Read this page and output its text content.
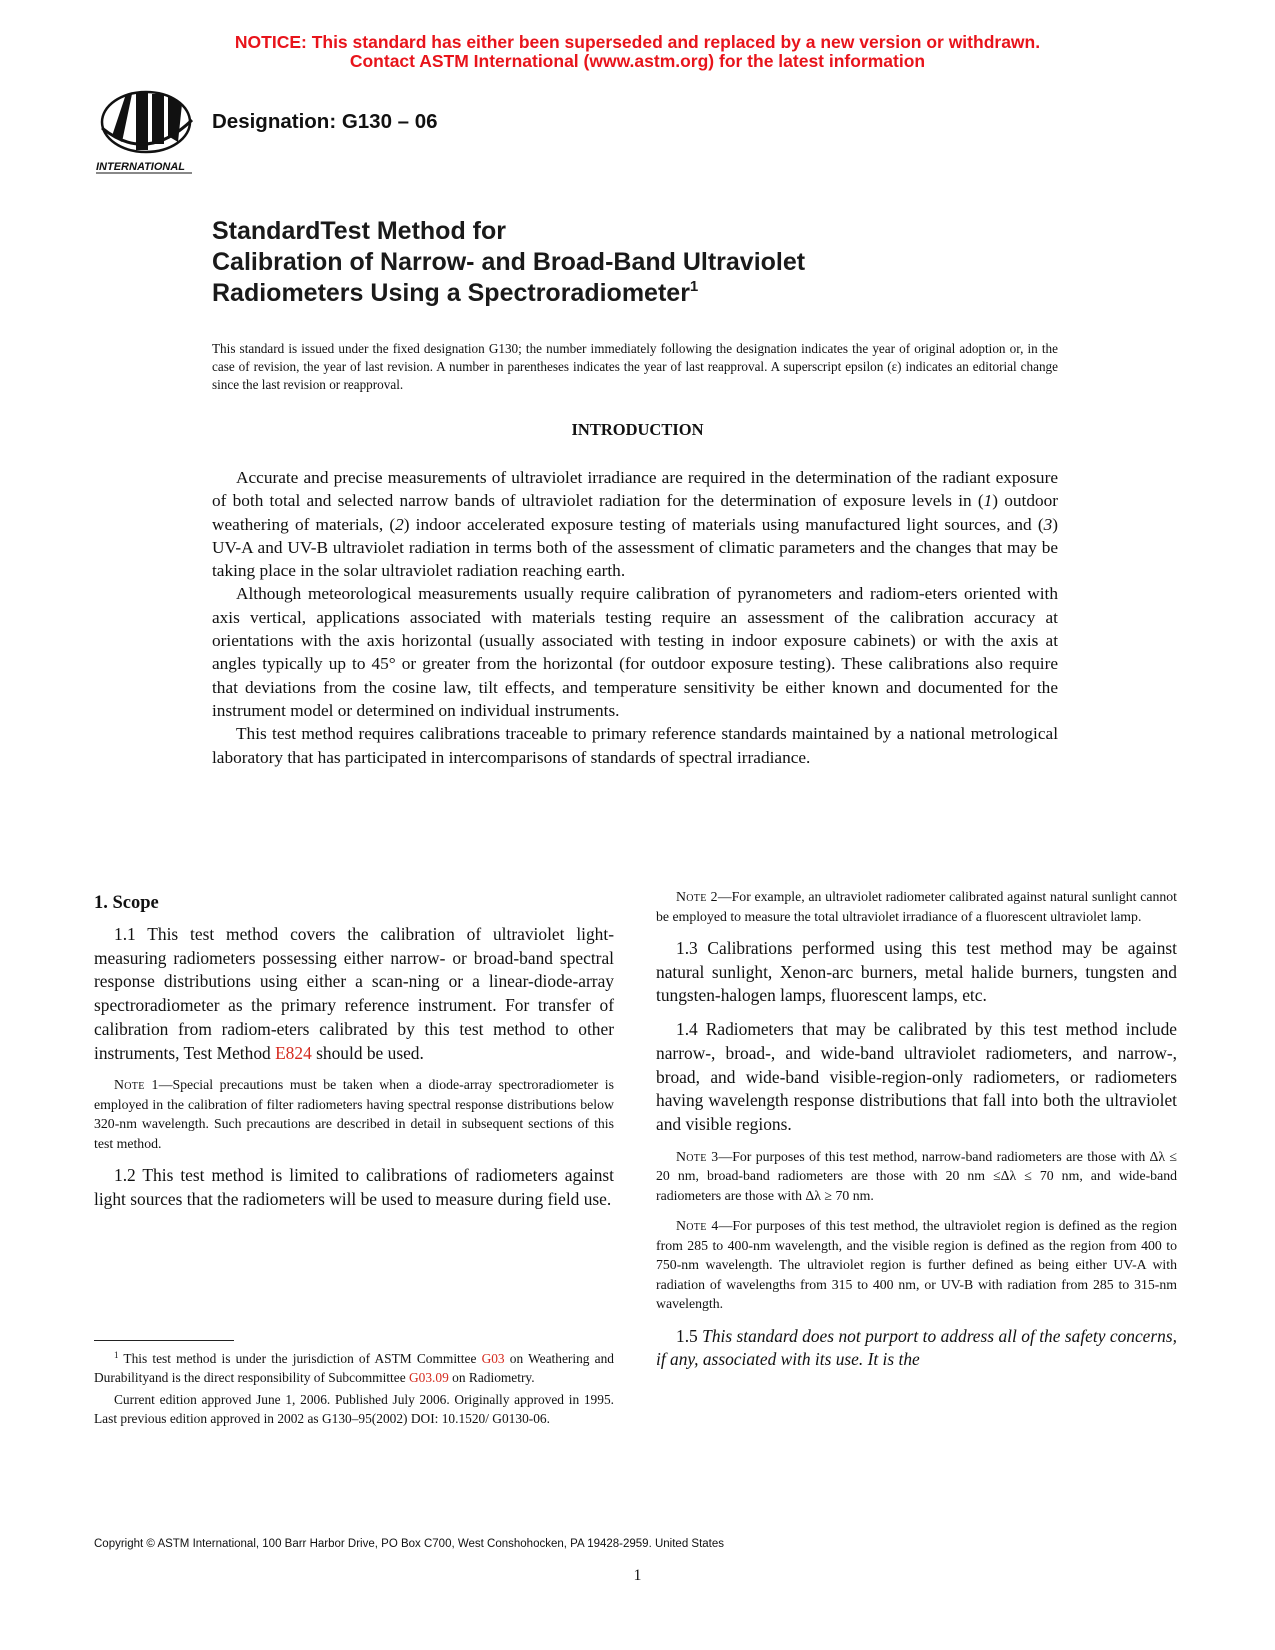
NOTICE: This standard has either been superseded and replaced by a new version or withdrawn.
Contact ASTM International (www.astm.org) for the latest information
INTERNATIONAL
Designation: G130 – 06
StandardTest Method for
Calibration of Narrow- and Broad-Band Ultraviolet
Radiometers Using a Spectroradiometer$^1$
This standard is issued under the fixed designation G130; the number immediately following the designation indicates the year of original adoption or, in the case of revision, the year of last revision. A number in parentheses indicates the year of last reapproval. A superscript epsilon (ε) indicates an editorial change since the last revision or reapproval.
INTRODUCTION

Accurate and precise measurements of ultraviolet irradiance are required in the determination of the radiant exposure of both total and selected narrow bands of ultraviolet radiation for the determination of exposure levels in (1) outdoor weathering of materials, (2) indoor accelerated exposure testing of materials using manufactured light sources, and (3) UV-A and UV-B ultraviolet radiation in terms both of the assessment of climatic parameters and the changes that may be taking place in the solar ultraviolet radiation reaching earth.

Although meteorological measurements usually require calibration of pyranometers and radiom-eters oriented with axis vertical, applications associated with materials testing require an assessment of the calibration accuracy at orientations with the axis horizontal (usually associated with testing in indoor exposure cabinets) or with the axis at angles typically up to 45° or greater from the horizontal (for outdoor exposure testing). These calibrations also require that deviations from the cosine law, tilt effects, and temperature sensitivity be either known and documented for the instrument model or determined on individual instruments.

This test method requires calibrations traceable to primary reference standards maintained by a national metrological laboratory that has participated in intercomparisons of standards of spectral irradiance.

1. Scope

1.1 This test method covers the calibration of ultraviolet light-measuring radiometers possessing either narrow- or broad-band spectral response distributions using either a scan-ning or a linear-diode-array spectroradiometer as the primary reference instrument. For transfer of calibration from radiom-eters calibrated by this test method to other instruments, Test Method E824 should be used.

Note 1—Special precautions must be taken when a diode-array spectroradiometer is employed in the calibration of filter radiometers having spectral response distributions below 320-nm wavelength. Such precautions are described in detail in subsequent sections of this test method.

1.2 This test method is limited to calibrations of radiometers against light sources that the radiometers will be used to measure during field use.

$^1$ This test method is under the jurisdiction of ASTM Committee G03 on Weathering and Durabilityand is the direct responsibility of Subcommittee G03.09 on Radiometry.

Current edition approved June 1, 2006. Published July 2006. Originally approved in 1995. Last previous edition approved in 2002 as G130–95(2002) DOI: 10.1520/ G0130-06.

Note 2—For example, an ultraviolet radiometer calibrated against natural sunlight cannot be employed to measure the total ultraviolet irradiance of a fluorescent ultraviolet lamp.

1.3 Calibrations performed using this test method may be against natural sunlight, Xenon-arc burners, metal halide burners, tungsten and tungsten-halogen lamps, fluorescent lamps, etc.

1.4 Radiometers that may be calibrated by this test method include narrow-, broad-, and wide-band ultraviolet radiometers, and narrow-, broad, and wide-band visible-region-only radiometers, or radiometers having wavelength response distributions that fall into both the ultraviolet and visible regions.

Note 3—For purposes of this test method, narrow-band radiometers are those with Δλ ≤ 20 nm, broad-band radiometers are those with 20 nm ≤Δλ ≤ 70 nm, and wide-band radiometers are those with Δλ ≥ 70 nm.

Note 4—For purposes of this test method, the ultraviolet region is defined as the region from 285 to 400-nm wavelength, and the visible region is defined as the region from 400 to 750-nm wavelength. The ultraviolet region is further defined as being either UV-A with radiation of wavelengths from 315 to 400 nm, or UV-B with radiation from 285 to 315-nm wavelength.

1.5 This standard does not purport to address all of the safety concerns, if any, associated with its use. It is the

Copyright © ASTM International, 100 Barr Harbor Drive, PO Box C700, West Conshohocken, PA 19428-2959. United States
1
